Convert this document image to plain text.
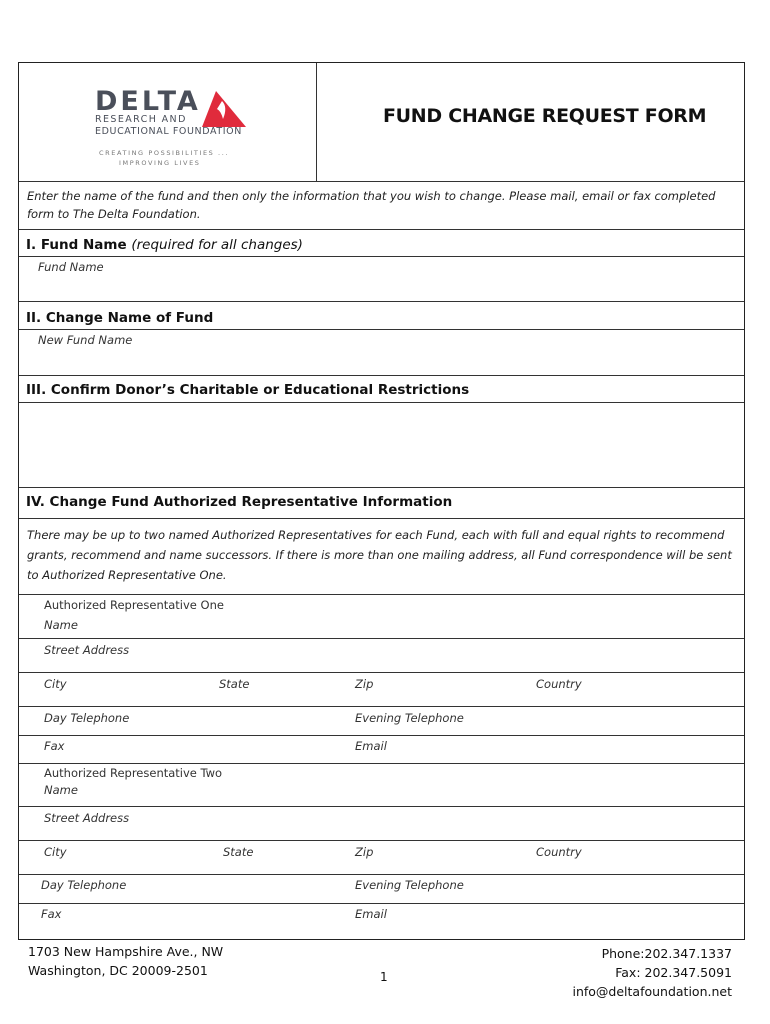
DELTA
RESEARCH AND
EDUCATIONAL FOUNDATION
CREATING POSSIBILITIES ...
IMPROVING LIVES
FUND CHANGE REQUEST FORM
Enter the name of the fund and then only the information that you wish to change. Please mail, email or fax completed form to The Delta Foundation.
I. Fund Name (required for all changes)
Fund Name
II. Change Name of Fund
New Fund Name
III. Confirm Donor’s Charitable or Educational Restrictions
IV. Change Fund Authorized Representative Information
There may be up to two named Authorized Representatives for each Fund, each with full and equal rights to recommend grants, recommend and name successors. If there is more than one mailing address, all Fund correspondence will be sent to Authorized Representative One.
Authorized Representative One
Name
Street Address
City	State	Zip	Country
Day Telephone	Evening Telephone
Fax	Email
Authorized Representative Two
Name
Street Address
City	State	Zip	Country
Day Telephone	Evening Telephone
Fax	Email
1703 New Hampshire Ave., NW
Washington, DC 20009-2501	1
Phone:202.347.1337
Fax: 202.347.5091
info@deltafoundation.net
